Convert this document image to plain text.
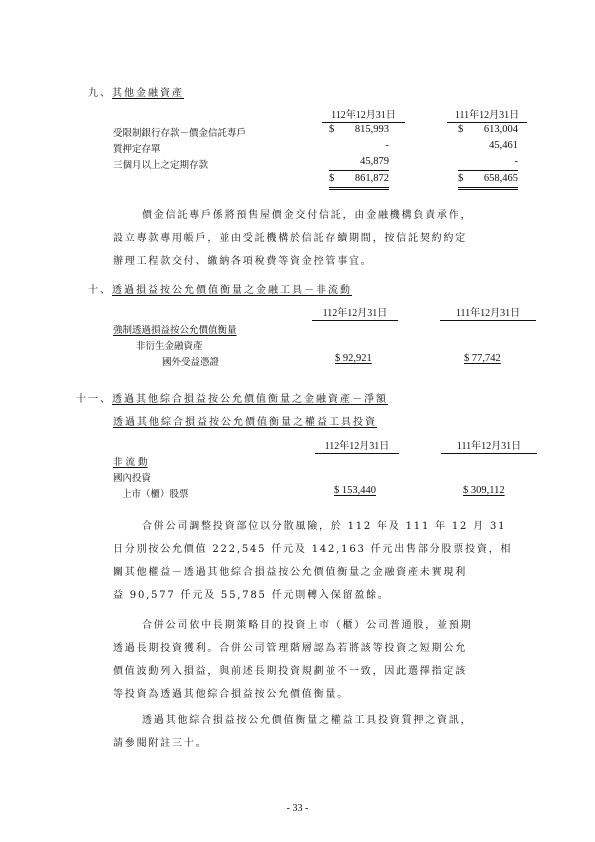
九、其他金融資產
112年12月31日	111年12月31日
受限制銀行存款－價金信託專戶	$ 815,993	$ 613,004
質押定存單	-	45,461
三個月以上之定期存款	45,879	-
$ 861,872	$ 658,465
價金信託專戶係將預售屋價金交付信託，由金融機構負責承作，
設立專款專用帳戶，並由受託機構於信託存續期間，按信託契約約定
辦理工程款交付、繳納各項稅費等資金控管事宜。
十、透過損益按公允價值衡量之金融工具－非流動
112年12月31日	111年12月31日
強制透過損益按公允價值衡量
非衍生金融資產
國外受益憑證	$ 92,921	$ 77,742
十一、透過其他綜合損益按公允價值衡量之金融資產－淨額
透過其他綜合損益按公允價值衡量之權益工具投資
112年12月31日	111年12月31日
非 流 動
國內投資
上市（櫃）股票	$ 153,440	$ 309,112
合併公司調整投資部位以分散風險，於 112 年及 111 年 12 月 31
日分別按公允價值 222,545 仟元及 142,163 仟元出售部分股票投資，相
關其他權益－透過其他綜合損益按公允價值衡量之金融資產未實現利
益 90,577 仟元及 55,785 仟元則轉入保留盈餘。
合併公司依中長期策略目的投資上市（櫃）公司普通股，並預期
透過長期投資獲利。合併公司管理階層認為若將該等投資之短期公允
價值波動列入損益，與前述長期投資規劃並不一致，因此選擇指定該
等投資為透過其他綜合損益按公允價值衡量。
透過其他綜合損益按公允價值衡量之權益工具投資質押之資訊，
請參閱附註三十。
- 33 -
